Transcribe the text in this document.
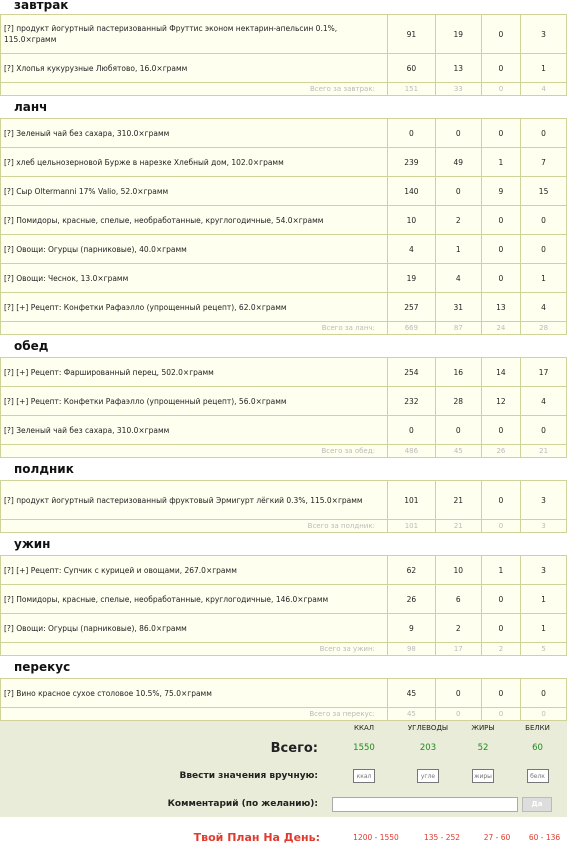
завтрак
[?] продукт йогуртный пастеризованный Фруттис эконом нектарин-апельсин 0.1%, 115.0×грамм	91	19	0	3
[?] Хлопья кукурузные Любятово, 16.0×грамм	60	13	0	1
Всего за завтрак:	151	33	0	4
ланч
[?] Зеленый чай без сахара, 310.0×грамм	0	0	0	0
[?] хлеб цельнозерновой Бурже в нарезке Хлебный дом, 102.0×грамм	239	49	1	7
[?] Сыр Oltermanni 17% Valio, 52.0×грамм	140	0	9	15
[?] Помидоры, красные, спелые, необработанные, круглогодичные, 54.0×грамм	10	2	0	0
[?] Овощи: Огурцы (парниковые), 40.0×грамм	4	1	0	0
[?] Овощи: Чеснок, 13.0×грамм	19	4	0	1
[?] [+] Рецепт: Конфетки Рафаэлло (упрощенный рецепт), 62.0×грамм	257	31	13	4
Всего за ланч:	669	87	24	28
обед
[?] [+] Рецепт: Фаршированный перец, 502.0×грамм	254	16	14	17
[?] [+] Рецепт: Конфетки Рафаэлло (упрощенный рецепт), 56.0×грамм	232	28	12	4
[?] Зеленый чай без сахара, 310.0×грамм	0	0	0	0
Всего за обед:	486	45	26	21
полдник
[?] продукт йогуртный пастеризованный фруктовый Эрмигурт лёгкий 0.3%, 115.0×грамм	101	21	0	3
Всего за полдник:	101	21	0	3
ужин
[?] [+] Рецепт: Супчик с курицей и овощами, 267.0×грамм	62	10	1	3
[?] Помидоры, красные, спелые, необработанные, круглогодичные, 146.0×грамм	26	6	0	1
[?] Овощи: Огурцы (парниковые), 86.0×грамм	9	2	0	1
Всего за ужин:	98	17	2	5
перекус
[?] Вино красное сухое столовое 10.5%, 75.0×грамм	45	0	0	0
Всего за перекус:	45	0	0	0
	ККАЛ	УГЛЕВОДЫ	ЖИРЫ	БЕЛКИ
Всего:	1550	203	52	60
Ввести значения вручную:	ккал	угле	жиры	белк
Комментарий (по желанию):	Да			
Твой План На День:	1200 - 1550	135 - 252	27 - 60	60 - 136
